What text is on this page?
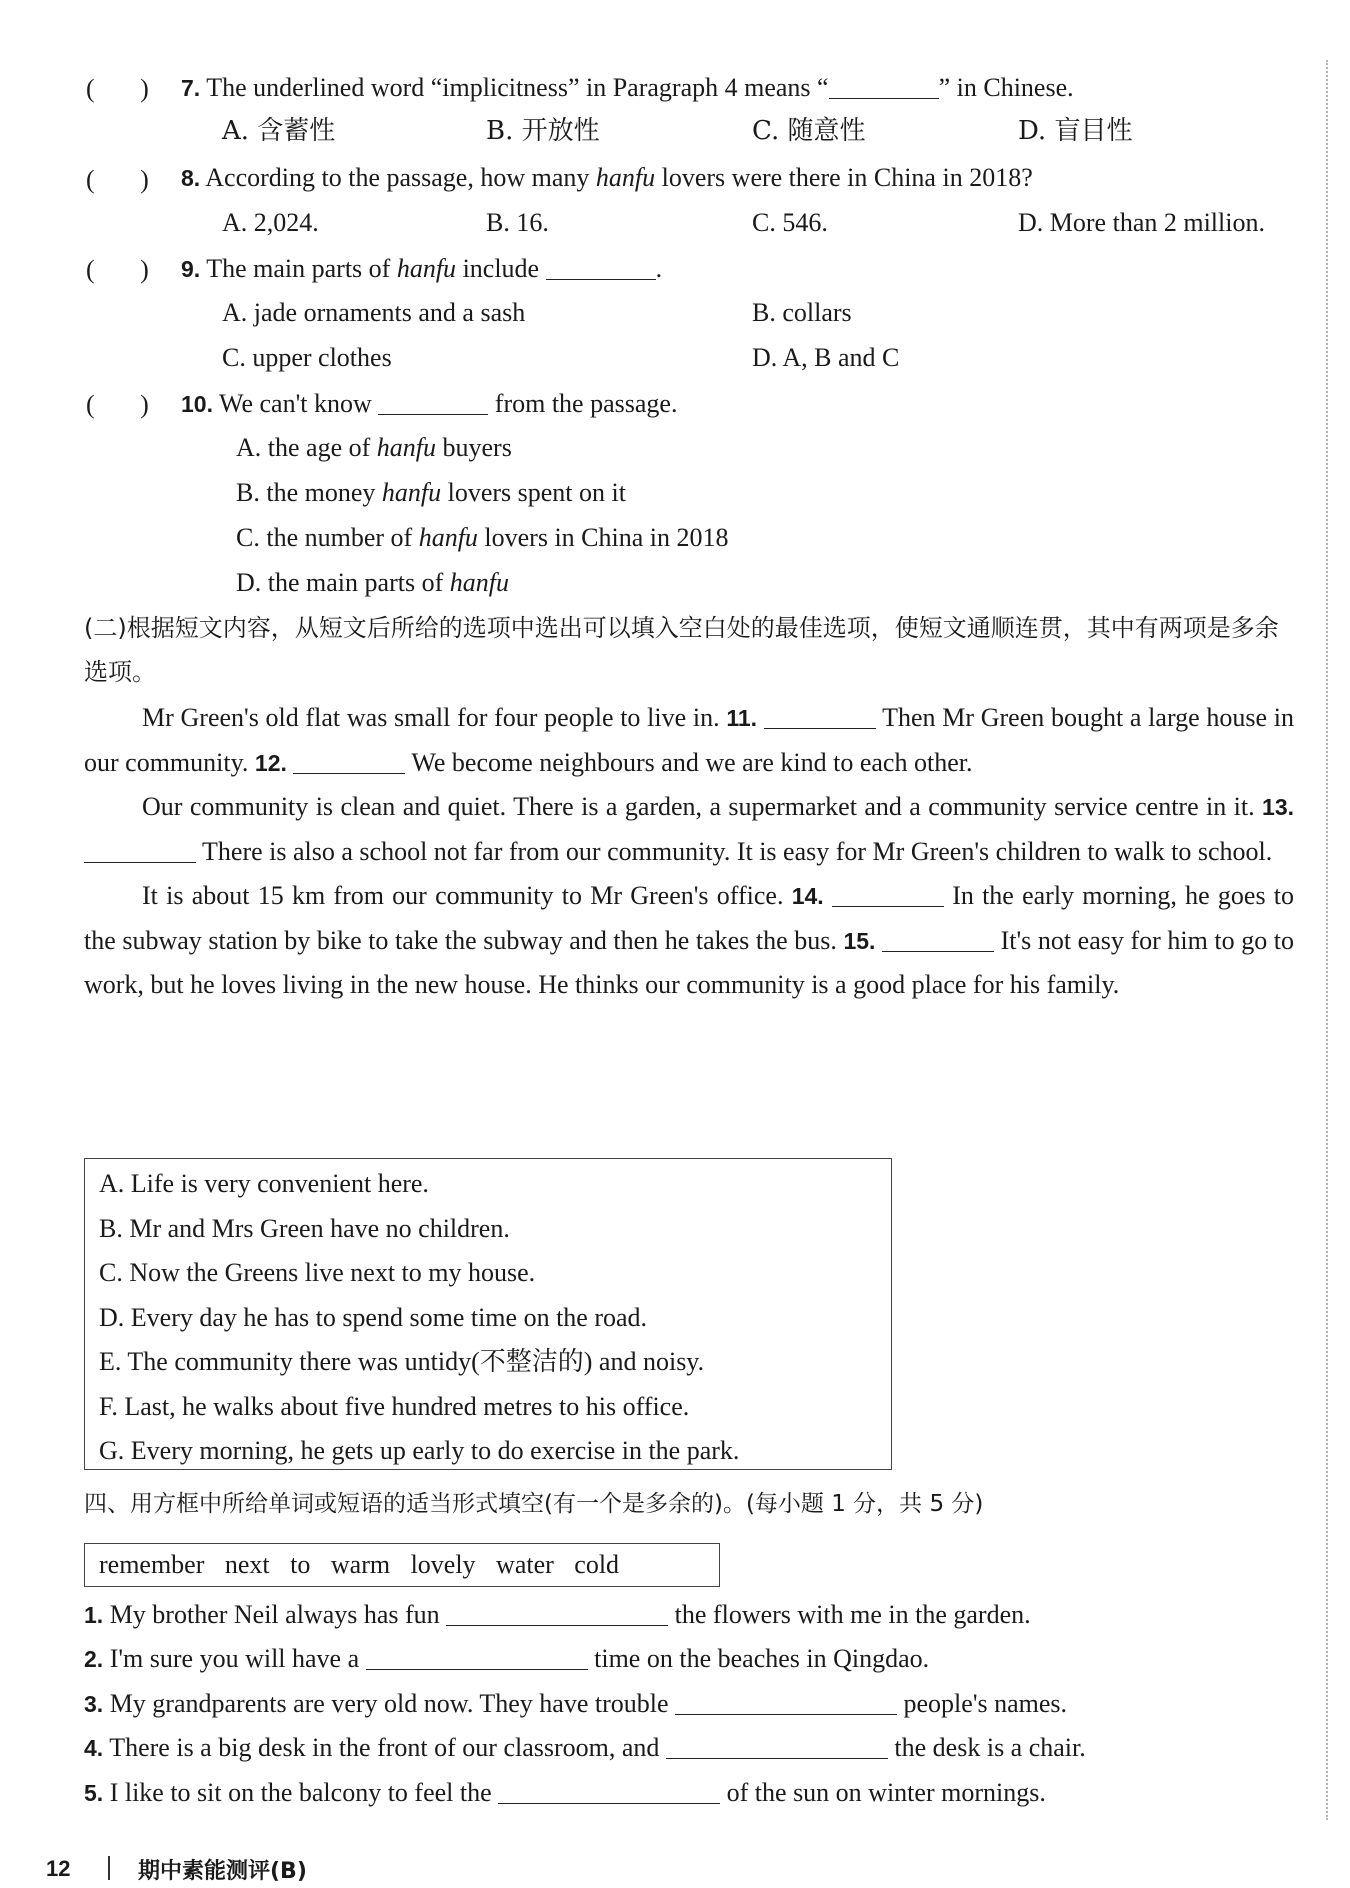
(       ) 7. The underlined word “implicitness” in Paragraph 4 means “	” in Chinese.
A. 含蓄性	B. 开放性	C. 随意性	D. 盲目性
(       ) 8. According to the passage, how many hanfu lovers were there in China in 2018?
A. 2,024.	B. 16.	C. 546.	D. More than 2 million.
(       ) 9. The main parts of hanfu include	.
A. jade ornaments and a sash	B. collars
C. upper clothes	D. A, B and C
(       ) 10. We can't know	from the passage.
A. the age of hanfu buyers
B. the money hanfu lovers spent on it
C. the number of hanfu lovers in China in 2018
D. the main parts of hanfu
(二)根据短文内容，从短文后所给的选项中选出可以填入空白处的最佳选项，使短文通顺连贯，其中有两项是多余选项。

Mr Green's old flat was small for four people to live in. 11.	Then Mr Green bought a large house in our community. 12.	We become neighbours and we are kind to each other.

Our community is clean and quiet. There is a garden, a supermarket and a community service centre in it. 13.  There is also a school not far from our community. It is easy for Mr Green's children to walk to school.

It is about 15 km from our community to Mr Green's office. 14.	In the early morning, he goes to the subway station by bike to take the subway and then he takes the bus. 15.	It's not easy for him to go to work, but he loves living in the new house. He thinks our community is a good place for his family.

A. Life is very convenient here.
B. Mr and Mrs Green have no children.
C. Now the Greens live next to my house.
D. Every day he has to spend some time on the road.
E. The community there was untidy(不整洁的) and noisy.
F. Last, he walks about five hundred metres to his office.
G. Every morning, he gets up early to do exercise in the park.
四、用方框中所给单词或短语的适当形式填空(有一个是多余的)。(每小题 1 分，共 5 分)
remember next to warm lovely water cold
1. My brother Neil always has fun	the flowers with me in the garden.
2. I'm sure you will have a	time on the beaches in Qingdao.
3. My grandparents are very old now. They have trouble	people's names.
4. There is a big desk in the front of our classroom, and	the desk is a chair.
5. I like to sit on the balcony to feel the	of the sun on winter mornings.
12	期中素能测评(B)
